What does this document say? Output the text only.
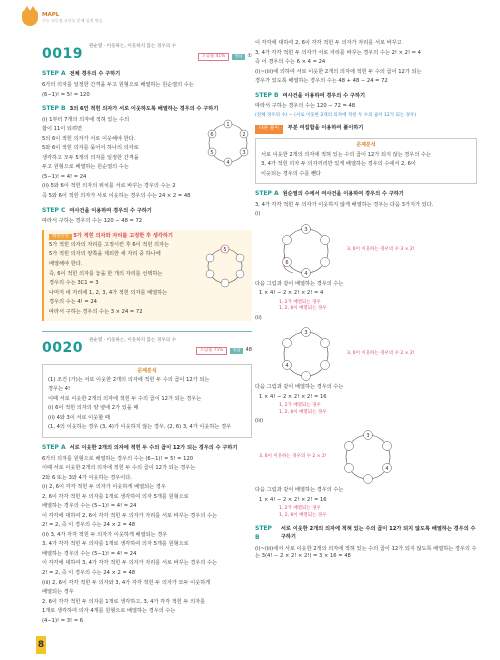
MAPL
수능 고득점 고난도 문제 실전 연습
0019 원순열 · 이웃하는, 이웃하지 않는 경우의 수
오답률 41%	정답	①
STEP A 전체 경우의 수 구하기
6가의 의자를 일정한 간격을 두고 원형으로 배열하는 원순열의 수는
(6−1)! = 5! = 120
STEP B 3의 6인 적힌 의자가 서로 이웃하도록 배열하는 경우의 수 구하기
(i) 1부터 7개의 의자에 적혀 있는 수의
합이 11이 되려면
5의 6이 적힌 의자가 서로 이웃해야 한다.
5와 6이 적힌 의자를 묶어서 하나의 의자로
생각하고 모두 5개의 의자를 일정한 간격을
두고 원형으로 배열하는 원순열의 수는
(5−1)! = 4! = 24
1
2
3
4
5
6
(ii) 5와 6이 적힌 의자의 위치를 서로 바꾸는 경우의 수는 2
즉 5와 6이 적힌 의자가 서로 이웃하는 경우의 수는 24 × 2 = 48
STEP C 여사건을 이용하여 경우의 수 구하기
따라서 구하는 경우의 수는 120 − 48 = 72
해설특강 5가 적힌 의자와 자리를 고정한 후 생각하기
5가 적힌 의자의 자리를 고정시킨 후 6이 적힌 의자는
5가 적힌 의자의 양쪽을 제외한 세 자리 중 하나에
배열해야 한다.
즉, 6이 적힌 의자를 놓을 한 개의 자리를 선택하는
경우의 수는 3C1 = 3
나머지 네 자리에 1, 2, 3, 4가 적힌 의자를 배열하는
경우의 수는 4! = 24
따라서 구하는 경우의 수는 3 × 24 = 72
5
0020 원순열 · 이웃하는, 이웃하지 않는 경우의 수
오답률 75%	정답	48
문제분석
(1) 조건 (가)는 서로 이웃한 2개의 의자에 적힌 두 수의 곱이 12가 되는
경우는 4!
이때 서로 이웃한 2개의 의자에 적힌 두 수의 곱이 12가 되는 경우는
(i) 6이 적힌 의자의 양 옆에 2가 있을 때
(ii) 4와 3이 서로 이웃할 때
(1, 4의 이웃하는 경우 (3, 4)가 이웃하지 않는 경우, (2, 6) 3, 4가 이웃하는 경우
STEP A 서로 이웃한 2개의 의자에 적힌 두 수의 곱이 12가 되는 경우의 수 구하기
6가의 의자를 원형으로 배열하는 경우의 수는 (6−1)! = 5! = 120
이때 서로 이웃한 2개의 의자에 적힌 두 수의 곱이 12가 되는 경우는
2와 6 또는 3와 4가 이웃하는 경우이다.
(i) 2, 6이 각각 적힌 두 의자가 이웃하게 배열되는 경우
2, 6이 각각 적힌 두 의자를 1개로 생각하여 의자 5개를 원형으로
배열하는 경우의 수는 (5−1)! = 4! = 24
이 각각에 대하여 2, 6이 각각 적힌 두 의자가 자리를 서로 바꾸는 경우의 수는
2! = 2, 즉 이 경우의 수는 24 × 2 = 48
(ii) 3, 4가 각각 적힌 두 의자가 이웃하게 배열되는 경우
3, 4가 각각 적힌 두 의자를 1개로 생각하여 의자 5개를 원형으로
배열하는 경우의 수는 (5−1)! = 4! = 24
이 각각에 대하여 3, 4가 각각 적힌 두 의자가 자리를 서로 바꾸는 경우의 수는
2! = 2, 즉 이 경우의 수는 24 × 2 = 48
(iii) 2, 6이 각각 적힌 두 의자와 3, 4가 각각 적힌 두 의자가 모두 이웃하게
배열되는 경우
2, 6이 각각 적힌 두 의자를 1개로 생각하고, 3, 4가 각각 적힌 두 의자를
1개로 생각하여 의자 4개를 원형으로 배열하는 경우의 수는
(4−1)! = 3! = 6
이 각각에 대하여 2, 6이 각각 적힌 두 의자가 자리를 서로 바꾸고
3, 4가 각각 적힌 두 의자가 서로 자리를 바꾸는 경우의 수는 2! × 2! = 4
즉 이 경우의 수는 6 × 4 = 24
(i)~(iii)에 의하여 서로 이웃한 2개의 의자에 적힌 두 수의 곱이 12가 되는
경우가 있도록 배열하는 경우의 수는 48 + 48 − 24 = 72
STEP B 여사건을 이용하여 경우의 수 구하기
따라서 구하는 경우의 수는 120 − 72 = 48
(전체 경우의 수) − (서로 이웃한 2개의 의자에 적힌 두 수의 곱이 12가 되는 경우)
다른 풀이 부분 여집합을 이용하여 풀이하기
문제분석
서로 이웃한 2개의 의자에 적혀 있는 수의 곱이 12가 되지 않는 경우의 수는
3, 4가 적힌 의자 두 의자끼리만 있게 배열하는 경우의 수에서 2, 6이
이웃되는 경우의 수를 뺀다
STEP A 원순열의 수에서 여사건을 이용하여 경우의 수 구하기
3, 4가 각각 적힌 두 의자가 이웃하지 않게 배열하는 경우는 다음 3가지가 있다.
(i)
3
4
6
3, 6이 이웃하는 경우의 수 3 × 2!
다음 그림과 같이 배열하는 경우의 수는
1 × 4! − 2 × 2! × 2! = 4
1, 2가 배열되는 경우
1, 2, 6이 배열되는 경우
(ii)
3
4
3, 6이 이웃하는 경우의 수 2 × 2!
다음 그림과 같이 배열하는 경우의 수는
1 × 4! − 2 × 2! × 2! = 16
1, 2가 배열되는 경우
1, 2, 6이 배열되는 경우
(iii)
3, 6이 이웃하는 경우의 수 2 × 2!
3
4
다음 그림과 같이 배열하는 경우의 수는
1 × 4! − 2 × 2! × 2! = 16
1, 2가 배열되는 경우
1, 2, 6이 배열되는 경우
STEP B
서로 이웃한 2개의 의자에 적혀 있는 수의 곱이 12가 되지 않도록 배열하는 경우의 수 구하기
(i)~(iii)에서 서로 이웃한 2개의 의자에 적혀 있는 수의 곱이 12가 되지 않도록 배열하는 경우의 수는 3(4! − 2 × 2! × 2!) = 3 × 16 = 48
8
